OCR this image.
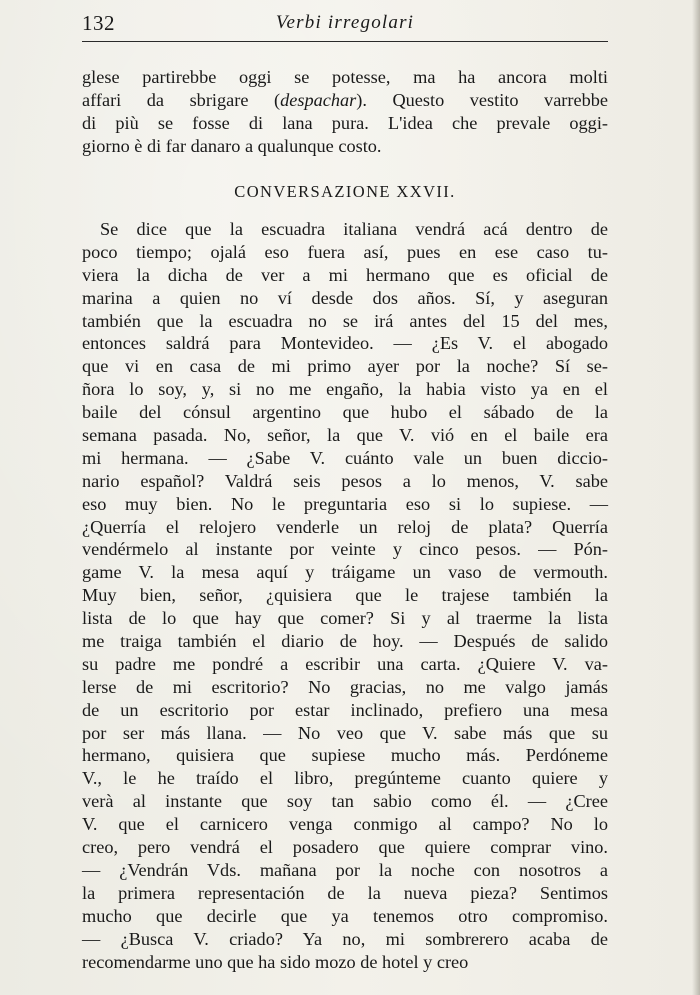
132	Verbi irregolari
glese partirebbe oggi se potesse, ma ha ancora molti
affari da sbrigare (despachar). Questo vestito varrebbe
di più se fosse di lana pura. L'idea che prevale oggi-
giorno è di far danaro a qualunque costo.
CONVERSAZIONE XXVII.
Se dice que la escuadra italiana vendrá acá dentro de
poco tiempo; ojalá eso fuera así, pues en ese caso tu-
viera la dicha de ver a mi hermano que es oficial de
marina a quien no ví desde dos años. Sí, y aseguran
también que la escuadra no se irá antes del 15 del mes,
entonces saldrá para Montevideo. — ¿Es V. el abogado
que vi en casa de mi primo ayer por la noche? Sí se-
ñora lo soy, y, si no me engaño, la habia visto ya en el
baile del cónsul argentino que hubo el sábado de la
semana pasada. No, señor, la que V. vió en el baile era
mi hermana. — ¿Sabe V. cuánto vale un buen diccio-
nario español? Valdrá seis pesos a lo menos, V. sabe
eso muy bien. No le preguntaria eso si lo supiese. —
¿Querría el relojero venderle un reloj de plata? Querría
vendérmelo al instante por veinte y cinco pesos. — Pón-
game V. la mesa aquí y tráigame un vaso de vermouth.
Muy bien, señor, ¿quisiera que le trajese también la
lista de lo que hay que comer? Si y al traerme la lista
me traiga también el diario de hoy. — Después de salido
su padre me pondré a escribir una carta. ¿Quiere V. va-
lerse de mi escritorio? No gracias, no me valgo jamás
de un escritorio por estar inclinado, prefiero una mesa
por ser más llana. — No veo que V. sabe más que su
hermano, quisiera que supiese mucho más. Perdóneme
V., le he traído el libro, pregúnteme cuanto quiere y
verà al instante que soy tan sabio como él. — ¿Cree
V. que el carnicero venga conmigo al campo? No lo
creo, pero vendrá el posadero que quiere comprar vino.
— ¿Vendrán Vds. mañana por la noche con nosotros a
la primera representación de la nueva pieza? Sentimos
mucho que decirle que ya tenemos otro compromiso.
— ¿Busca V. criado? Ya no, mi sombrerero acaba de
recomendarme uno que ha sido mozo de hotel y creo
